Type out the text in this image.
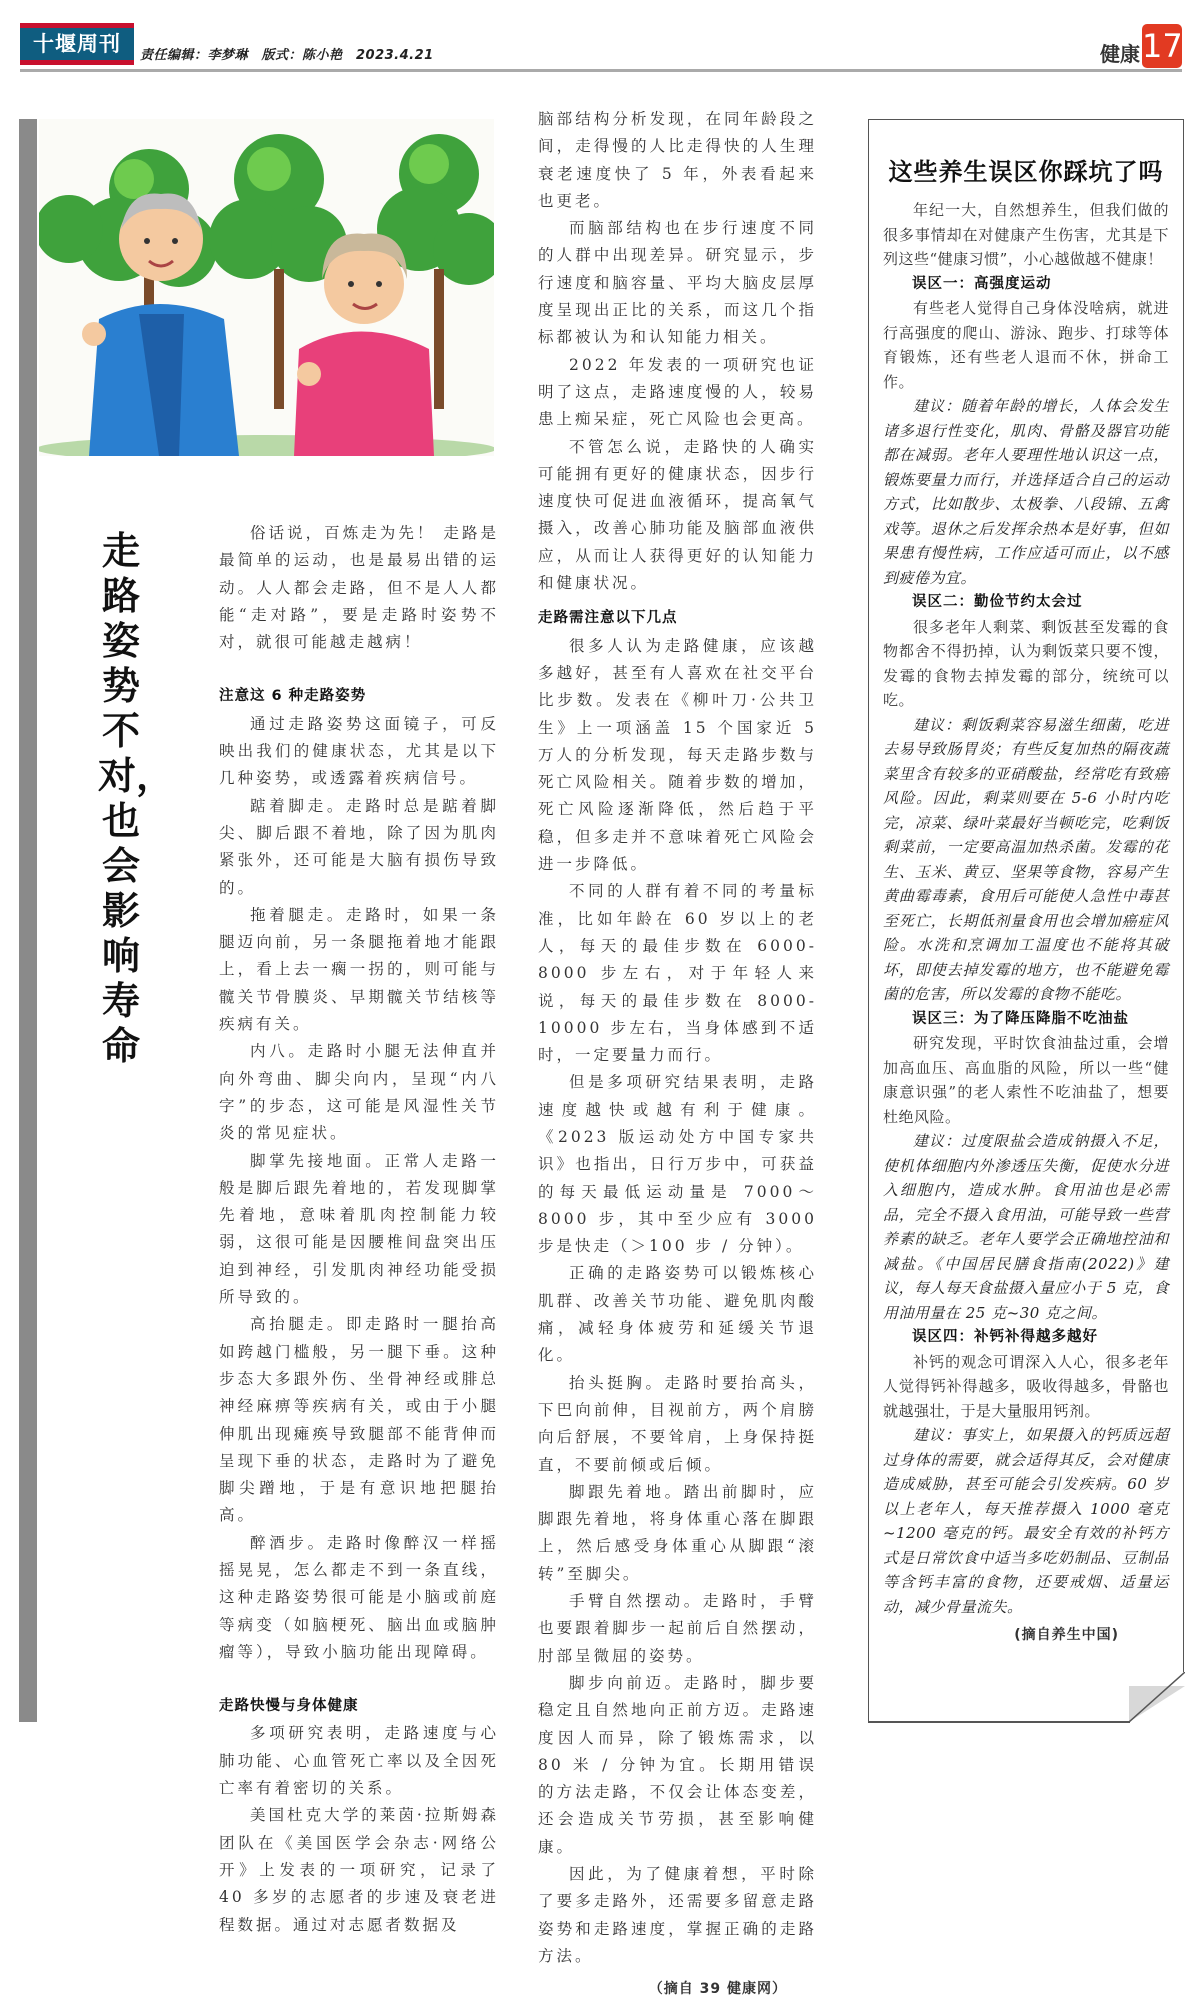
十堰周刊	责任编辑：李梦琳　版式：陈小艳　2023.4.21	健康 17
走路姿势不对，也会影响寿命

俗话说，百炼走为先！ 走路是最简单的运动，也是最易出错的运动。人人都会走路，但不是人人都能“走对路”，要是走路时姿势不对，就很可能越走越病！

注意这 6 种走路姿势

通过走路姿势这面镜子，可反映出我们的健康状态，尤其是以下几种姿势，或透露着疾病信号。

踮着脚走。走路时总是踮着脚尖、脚后跟不着地，除了因为肌肉紧张外，还可能是大脑有损伤导致的。

拖着腿走。走路时，如果一条腿迈向前，另一条腿拖着地才能跟上，看上去一瘸一拐的，则可能与髋关节骨膜炎、早期髋关节结核等疾病有关。

内八。走路时小腿无法伸直并向外弯曲、脚尖向内，呈现“内八字”的步态，这可能是风湿性关节炎的常见症状。

脚掌先接地面。正常人走路一般是脚后跟先着地的，若发现脚掌先着地，意味着肌肉控制能力较弱，这很可能是因腰椎间盘突出压迫到神经，引发肌肉神经功能受损所导致的。

高抬腿走。即走路时一腿抬高如跨越门槛般，另一腿下垂。这种步态大多跟外伤、坐骨神经或腓总神经麻痹等疾病有关，或由于小腿伸肌出现瘫痪导致腿部不能背伸而呈现下垂的状态，走路时为了避免脚尖蹭地，于是有意识地把腿抬高。

醉酒步。走路时像醉汉一样摇摇晃晃，怎么都走不到一条直线，这种走路姿势很可能是小脑或前庭等病变（如脑梗死、脑出血或脑肿瘤等），导致小脑功能出现障碍。

走路快慢与身体健康

多项研究表明，走路速度与心肺功能、心血管死亡率以及全因死亡率有着密切的关系。

美国杜克大学的莱茵·拉斯姆森团队在《美国医学会杂志·网络公开》上发表的一项研究，记录了 40 多岁的志愿者的步速及衰老进程数据。通过对志愿者数据及

脑部结构分析发现，在同年龄段之间，走得慢的人比走得快的人生理衰老速度快了 5 年，外表看起来也更老。

而脑部结构也在步行速度不同的人群中出现差异。研究显示，步行速度和脑容量、平均大脑皮层厚度呈现出正比的关系，而这几个指标都被认为和认知能力相关。

2022 年发表的一项研究也证明了这点，走路速度慢的人，较易患上痴呆症，死亡风险也会更高。

不管怎么说，走路快的人确实可能拥有更好的健康状态，因步行速度快可促进血液循环，提高氧气摄入，改善心肺功能及脑部血液供应，从而让人获得更好的认知能力和健康状况。

走路需注意以下几点

很多人认为走路健康，应该越多越好，甚至有人喜欢在社交平台比步数。发表在《柳叶刀·公共卫生》上一项涵盖 15 个国家近 5 万人的分析发现，每天走路步数与死亡风险相关。随着步数的增加，死亡风险逐渐降低，然后趋于平稳，但多走并不意味着死亡风险会进一步降低。

不同的人群有着不同的考量标准，比如年龄在 60 岁以上的老人，每天的最佳步数在 6000-8000 步左右，对于年轻人来说，每天的最佳步数在 8000-10000 步左右，当身体感到不适时，一定要量力而行。

但是多项研究结果表明，走路速度越快或越有利于健康。《2023 版运动处方中国专家共识》也指出，日行万步中，可获益的每天最低运动量是 7000～8000 步，其中至少应有 3000 步是快走（＞100 步 / 分钟）。

正确的走路姿势可以锻炼核心肌群、改善关节功能、避免肌肉酸痛，减轻身体疲劳和延缓关节退化。

抬头挺胸。走路时要抬高头，下巴向前伸，目视前方，两个肩膀向后舒展，不要耸肩，上身保持挺直，不要前倾或后倾。

脚跟先着地。踏出前脚时，应脚跟先着地，将身体重心落在脚跟上，然后感受身体重心从脚跟“滚转”至脚尖。

手臂自然摆动。走路时，手臂也要跟着脚步一起前后自然摆动，肘部呈微屈的姿势。

脚步向前迈。走路时，脚步要稳定且自然地向正前方迈。走路速度因人而异，除了锻炼需求，以 80 米 / 分钟为宜。长期用错误的方法走路，不仅会让体态变差，还会造成关节劳损，甚至影响健康。

因此，为了健康着想，平时除了要多走路外，还需要多留意走路姿势和走路速度，掌握正确的走路方法。

（摘自 39 健康网）
这些养生误区你踩坑了吗

年纪一大，自然想养生，但我们做的很多事情却在对健康产生伤害，尤其是下列这些“健康习惯”，小心越做越不健康！

误区一：高强度运动

有些老人觉得自己身体没啥病，就进行高强度的爬山、游泳、跑步、打球等体育锻炼，还有些老人退而不休，拼命工作。

建议：随着年龄的增长，人体会发生诸多退行性变化，肌肉、骨骼及器官功能都在减弱。老年人要理性地认识这一点，锻炼要量力而行，并选择适合自己的运动方式，比如散步、太极拳、八段锦、五禽戏等。退休之后发挥余热本是好事，但如果患有慢性病，工作应适可而止，以不感到疲倦为宜。

误区二：勤俭节约太会过

很多老年人剩菜、剩饭甚至发霉的食物都舍不得扔掉，认为剩饭菜只要不馊，发霉的食物去掉发霉的部分，统统可以吃。

建议：剩饭剩菜容易滋生细菌，吃进去易导致肠胃炎；有些反复加热的隔夜蔬菜里含有较多的亚硝酸盐，经常吃有致癌风险。因此，剩菜则要在 5-6 小时内吃完，凉菜、绿叶菜最好当顿吃完，吃剩饭剩菜前，一定要高温加热杀菌。发霉的花生、玉米、黄豆、坚果等食物，容易产生黄曲霉毒素，食用后可能使人急性中毒甚至死亡，长期低剂量食用也会增加癌症风险。水洗和烹调加工温度也不能将其破坏，即使去掉发霉的地方，也不能避免霉菌的危害，所以发霉的食物不能吃。

误区三：为了降压降脂不吃油盐

研究发现，平时饮食油盐过重，会增加高血压、高血脂的风险，所以一些“健康意识强”的老人索性不吃油盐了，想要杜绝风险。

建议：过度限盐会造成钠摄入不足，使机体细胞内外渗透压失衡，促使水分进入细胞内，造成水肿。食用油也是必需品，完全不摄入食用油，可能导致一些营养素的缺乏。老年人要学会正确地控油和减盐。《中国居民膳食指南(2022)》建议，每人每天食盐摄入量应小于 5 克，食用油用量在 25 克~30 克之间。

误区四：补钙补得越多越好

补钙的观念可谓深入人心，很多老年人觉得钙补得越多，吸收得越多，骨骼也就越强壮，于是大量服用钙剂。

建议：事实上，如果摄入的钙质远超过身体的需要，就会适得其反，会对健康造成威胁，甚至可能会引发疾病。60 岁以上老年人，每天推荐摄入 1000 毫克~1200 毫克的钙。最安全有效的补钙方式是日常饮食中适当多吃奶制品、豆制品等含钙丰富的食物，还要戒烟、适量运动，减少骨量流失。

(摘自养生中国)
